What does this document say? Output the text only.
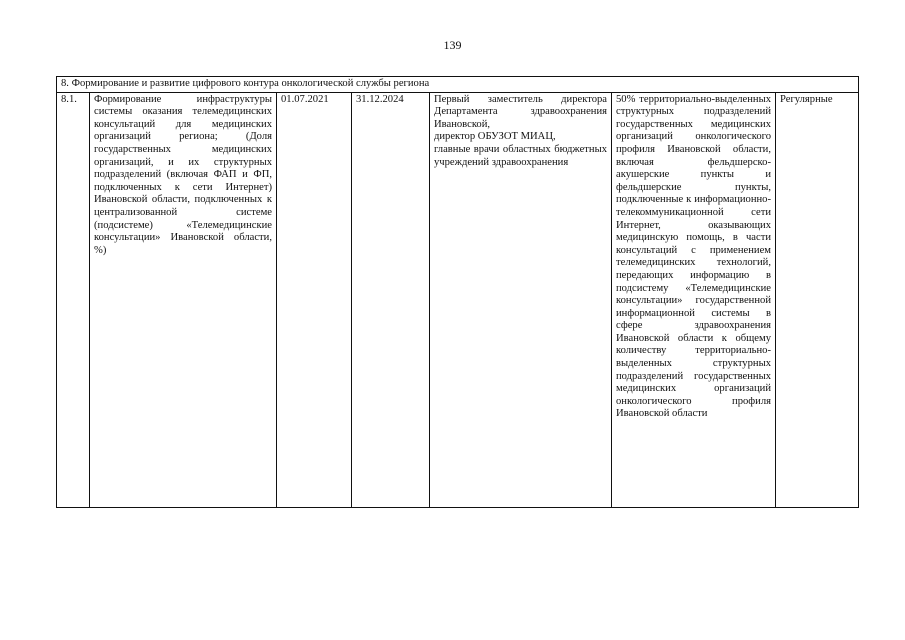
139
8. Формирование и развитие цифрового контура онкологической службы региона
8.1.	Формирование инфраструктуры системы оказания телемедицинских консультаций для медицинских организаций региона; (Доля государственных медицинских организаций, и их структурных подразделений (включая ФАП и ФП, подключенных к сети Интернет) Ивановской области, подключенных к централизованной системе (подсистеме) «Телемедицинские консультации» Ивановской области, %)	01.07.2021	31.12.2024	Первый заместитель директора Департамента здравоохранения Ивановской,
директор ОБУЗОТ МИАЦ,
главные врачи областных бюджетных учреждений здравоохранения	50% территориально-выделенных структурных подразделений государственных медицинских организаций онкологического профиля Ивановской области, включая фельдшерско-акушерские пункты и фельдшерские пункты, подключенные к информационно-телекоммуникационной сети Интернет, оказывающих медицинскую помощь, в части консультаций с применением телемедицинских технологий, передающих информацию в подсистему «Телемедицинские консультации» государственной информационной системы в сфере здравоохранения Ивановской области к общему количеству территориально-выделенных структурных подразделений государственных медицинских организаций онкологического профиля Ивановской области	Регулярные
